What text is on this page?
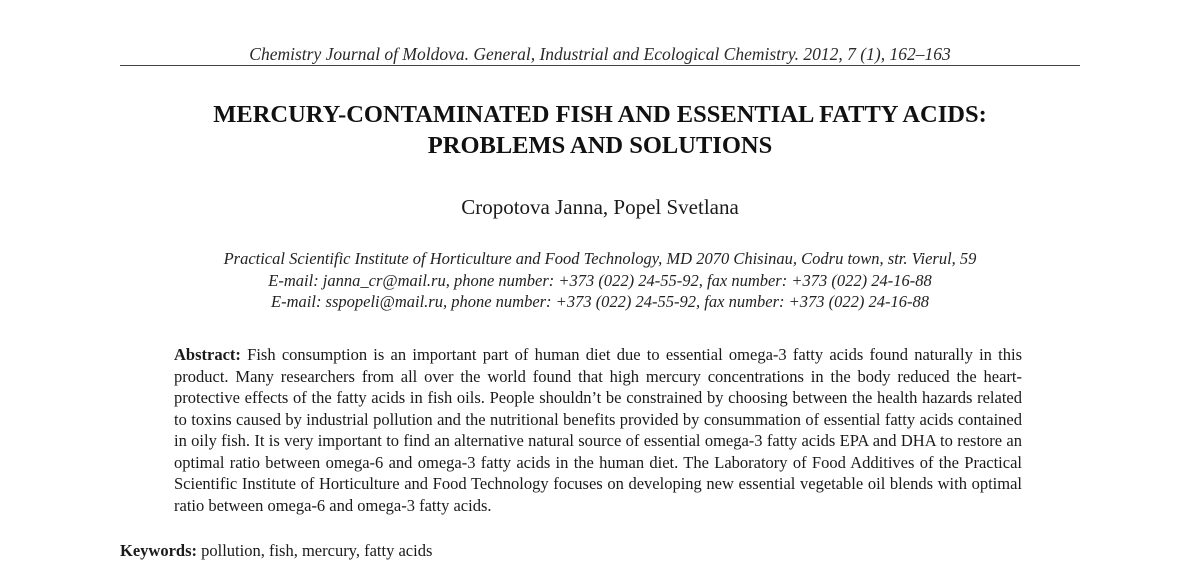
Chemistry Journal of Moldova. General, Industrial and Ecological Chemistry. 2012, 7 (1), 162–163
MERCURY-CONTAMINATED FISH AND ESSENTIAL FATTY ACIDS:
PROBLEMS AND SOLUTIONS
Cropotova Janna, Popel Svetlana
Practical Scientific Institute of Horticulture and Food Technology, MD 2070 Chisinau, Codru town, str. Vierul, 59
E-mail: janna_cr@mail.ru, phone number: +373 (022) 24-55-92, fax number: +373 (022) 24-16-88
E-mail: sspopeli@mail.ru, phone number: +373 (022) 24-55-92, fax number: +373 (022) 24-16-88
Abstract: Fish consumption is an important part of human diet due to essential omega-3 fatty acids found naturally in this product. Many researchers from all over the world found that high mercury concentrations in the body reduced the heart-protective effects of the fatty acids in fish oils. People shouldn’t be constrained by choosing between the health hazards related to toxins caused by industrial pollution and the nutritional benefits provided by consummation of essential fatty acids contained in oily fish. It is very important to find an alternative natural source of essential omega-3 fatty acids EPA and DHA to restore an optimal ratio between omega-6 and omega-3 fatty acids in the human diet. The Laboratory of Food Additives of the Practical Scientific Institute of Horticulture and Food Technology focuses on developing new essential vegetable oil blends with optimal ratio between omega-6 and omega-3 fatty acids.
Keywords: pollution, fish, mercury, fatty acids
